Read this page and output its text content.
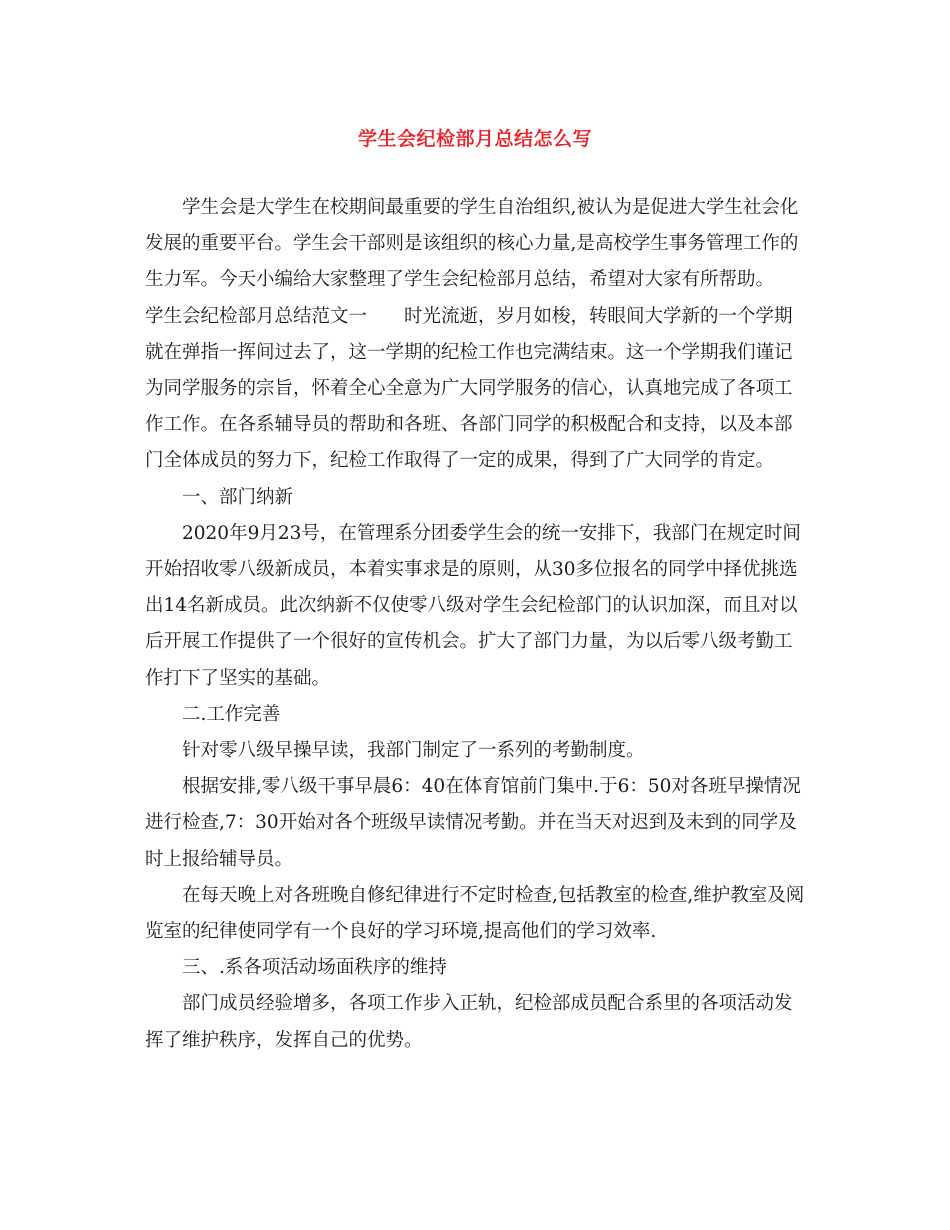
学生会纪检部月总结怎么写

学生会是大学生在校期间最重要的学生自治组织,被认为是促进大学生社会化发展的重要平台。学生会干部则是该组织的核心力量,是高校学生事务管理工作的生力军。今天小编给大家整理了学生会纪检部月总结，希望对大家有所帮助。

学生会纪检部月总结范文一　　时光流逝，岁月如梭，转眼间大学新的一个学期就在弹指一挥间过去了，这一学期的纪检工作也完满结束。这一个学期我们谨记为同学服务的宗旨，怀着全心全意为广大同学服务的信心，认真地完成了各项工作工作。在各系辅导员的帮助和各班、各部门同学的积极配合和支持，以及本部门全体成员的努力下，纪检工作取得了一定的成果，得到了广大同学的肯定。

一、部门纳新

2020年9月23号，在管理系分团委学生会的统一安排下，我部门在规定时间开始招收零八级新成员，本着实事求是的原则，从30多位报名的同学中择优挑选出14名新成员。此次纳新不仅使零八级对学生会纪检部门的认识加深，而且对以后开展工作提供了一个很好的宣传机会。扩大了部门力量，为以后零八级考勤工作打下了坚实的基础。

二.工作完善

针对零八级早操早读，我部门制定了一系列的考勤制度。

根据安排,零八级干事早晨6：40在体育馆前门集中.于6：50对各班早操情况进行检查,7：30开始对各个班级早读情况考勤。并在当天对迟到及未到的同学及时上报给辅导员。

在每天晚上对各班晚自修纪律进行不定时检查,包括教室的检查,维护教室及阅览室的纪律使同学有一个良好的学习环境,提高他们的学习效率.

三、.系各项活动场面秩序的维持

部门成员经验增多，各项工作步入正轨，纪检部成员配合系里的各项活动发挥了维护秩序，发挥自己的优势。
